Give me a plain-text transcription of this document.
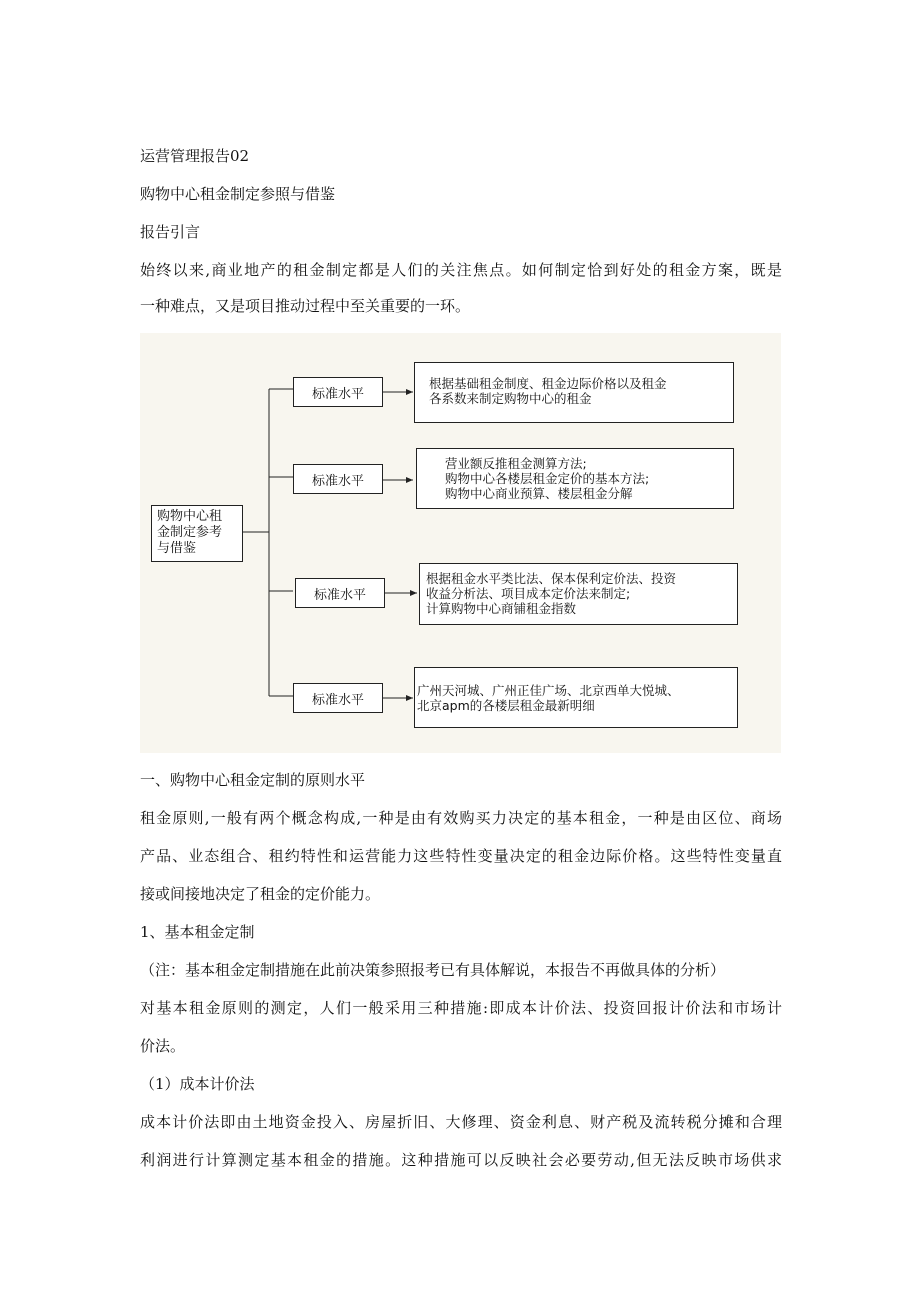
运营管理报告02
购物中心租金制定参照与借鉴
报告引言
始终以来,商业地产的租金制定都是人们的关注焦点。如何制定恰到好处的租金方案，既是
一种难点，又是项目推动过程中至关重要的一环。
购物中心租
金制定参考
与借鉴
标准水平
标准水平
标准水平
标准水平
根据基础租金制度、租金边际价格以及租金
各系数来制定购物中心的租金
营业额反推租金测算方法;
购物中心各楼层租金定价的基本方法;
购物中心商业预算、楼层租金分解
根据租金水平类比法、保本保利定价法、投资
收益分析法、项目成本定价法来制定;
计算购物中心商铺租金指数
广州天河城、广州正佳广场、北京西单大悦城、
北京apm的各楼层租金最新明细
一、购物中心租金定制的原则水平
租金原则,一般有两个概念构成,一种是由有效购买力决定的基本租金，一种是由区位、商场
产品、业态组合、租约特性和运营能力这些特性变量决定的租金边际价格。这些特性变量直
接或间接地决定了租金的定价能力。
1、基本租金定制
（注：基本租金定制措施在此前决策参照报考已有具体解说，本报告不再做具体的分析）
对基本租金原则的测定，人们一般采用三种措施:即成本计价法、投资回报计价法和市场计
价法。
（1）成本计价法
成本计价法即由土地资金投入、房屋折旧、大修理、资金利息、财产税及流转税分摊和合理
利润进行计算测定基本租金的措施。这种措施可以反映社会必要劳动,但无法反映市场供求
